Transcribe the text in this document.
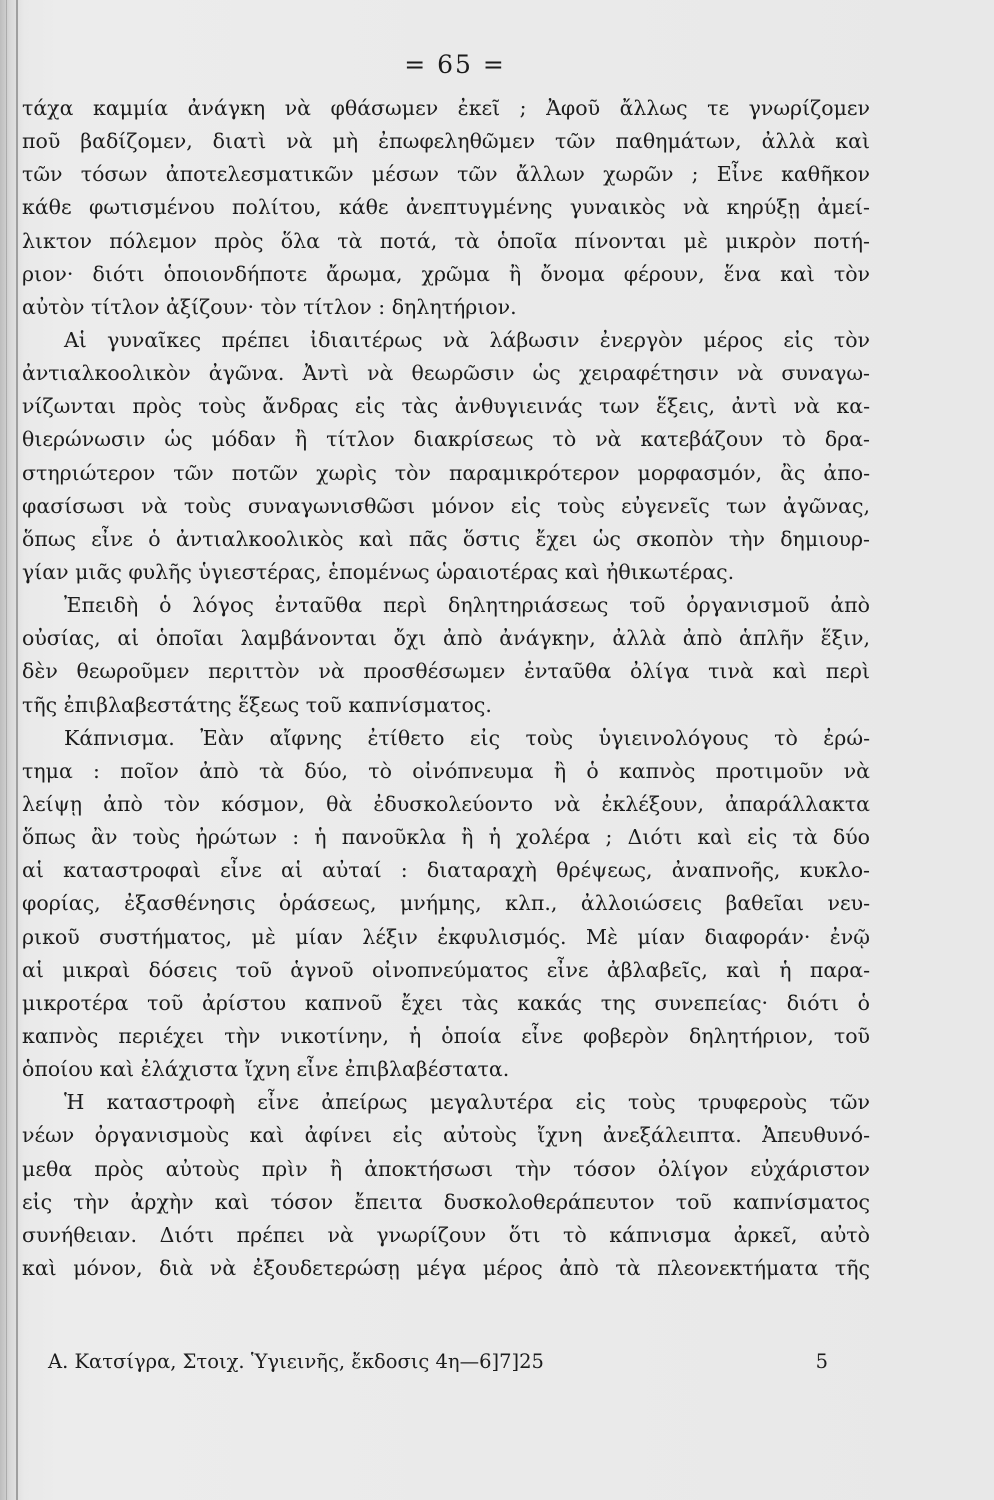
= 65 =
τάχα καμμία ἀνάγκη νὰ φθάσωμεν ἐκεῖ ; Ἀφοῦ ἄλλως τε γνωρίζομεν
ποῦ βαδίζομεν, διατὶ νὰ μὴ ἐπωφεληθῶμεν τῶν παθημάτων, ἀλλὰ καὶ
τῶν τόσων ἀποτελεσματικῶν μέσων τῶν ἄλλων χωρῶν ; Εἶνε καθῆκον
κάθε φωτισμένου πολίτου, κάθε ἀνεπτυγμένης γυναικὸς νὰ κηρύξῃ ἀμεί-
λικτον πόλεμον πρὸς ὅλα τὰ ποτά, τὰ ὁποῖα πίνονται μὲ μικρὸν ποτή-
ριον· διότι ὁποιονδήποτε ἄρωμα, χρῶμα ἢ ὄνομα φέρουν, ἕνα καὶ τὸν
αὐτὸν τίτλον ἀξίζουν· τὸν τίτλον : δηλητήριον.
Αἱ γυναῖκες πρέπει ἰδιαιτέρως νὰ λάβωσιν ἐνεργὸν μέρος εἰς τὸν
ἀντιαλκοολικὸν ἀγῶνα. Ἀντὶ νὰ θεωρῶσιν ὡς χειραφέτησιν νὰ συναγω-
νίζωνται πρὸς τοὺς ἄνδρας εἰς τὰς ἀνθυγιεινάς των ἕξεις, ἀντὶ νὰ κα-
θιερώνωσιν ὡς μόδαν ἢ τίτλον διακρίσεως τὸ νὰ κατεβάζουν τὸ δρα-
στηριώτερον τῶν ποτῶν χωρὶς τὸν παραμικρότερον μορφασμόν, ἂς ἀπο-
φασίσωσι νὰ τοὺς συναγωνισθῶσι μόνον εἰς τοὺς εὐγενεῖς των ἀγῶνας,
ὅπως εἶνε ὁ ἀντιαλκοολικὸς καὶ πᾶς ὅστις ἔχει ὡς σκοπὸν τὴν δημιουρ-
γίαν μιᾶς φυλῆς ὑγιεστέρας, ἑπομένως ὡραιοτέρας καὶ ἠθικωτέρας.
Ἐπειδὴ ὁ λόγος ἐνταῦθα περὶ δηλητηριάσεως τοῦ ὀργανισμοῦ ἀπὸ
οὐσίας, αἱ ὁποῖαι λαμβάνονται ὄχι ἀπὸ ἀνάγκην, ἀλλὰ ἀπὸ ἁπλῆν ἕξιν,
δὲν θεωροῦμεν περιττὸν νὰ προσθέσωμεν ἐνταῦθα ὀλίγα τινὰ καὶ περὶ
τῆς ἐπιβλαβεστάτης ἕξεως τοῦ καπνίσματος.
Κάπνισμα. Ἐὰν αἴφνης ἐτίθετο εἰς τοὺς ὑγιεινολόγους τὸ ἐρώ-
τημα : ποῖον ἀπὸ τὰ δύο, τὸ οἰνόπνευμα ἢ ὁ καπνὸς προτιμοῦν νὰ
λείψῃ ἀπὸ τὸν κόσμον, θὰ ἐδυσκολεύοντο νὰ ἐκλέξουν, ἀπαράλλακτα
ὅπως ἂν τοὺς ἠρώτων : ἡ πανοῦκλα ἢ ἡ χολέρα ; Διότι καὶ εἰς τὰ δύο
αἱ καταστροφαὶ εἶνε αἱ αὐταί : διαταραχὴ θρέψεως, ἀναπνοῆς, κυκλο-
φορίας, ἐξασθένησις ὁράσεως, μνήμης, κλπ., ἀλλοιώσεις βαθεῖαι νευ-
ρικοῦ συστήματος, μὲ μίαν λέξιν ἐκφυλισμός. Μὲ μίαν διαφοράν· ἐνῷ
αἱ μικραὶ δόσεις τοῦ ἁγνοῦ οἰνοπνεύματος εἶνε ἀβλαβεῖς, καὶ ἡ παρα-
μικροτέρα τοῦ ἀρίστου καπνοῦ ἔχει τὰς κακάς της συνεπείας· διότι ὁ
καπνὸς περιέχει τὴν νικοτίνην, ἡ ὁποία εἶνε φοβερὸν δηλητήριον, τοῦ
ὁποίου καὶ ἐλάχιστα ἴχνη εἶνε ἐπιβλαβέστατα.
Ἡ καταστροφὴ εἶνε ἀπείρως μεγαλυτέρα εἰς τοὺς τρυφεροὺς τῶν
νέων ὀργανισμοὺς καὶ ἀφίνει εἰς αὐτοὺς ἴχνη ἀνεξάλειπτα. Ἀπευθυνό-
μεθα πρὸς αὐτοὺς πρὶν ἢ ἀποκτήσωσι τὴν τόσον ὀλίγον εὐχάριστον
εἰς τὴν ἀρχὴν καὶ τόσον ἔπειτα δυσκολοθεράπευτον τοῦ καπνίσματος
συνήθειαν. Διότι πρέπει νὰ γνωρίζουν ὅτι τὸ κάπνισμα ἀρκεῖ, αὐτὸ
καὶ μόνον, διὰ νὰ ἐξουδετερώσῃ μέγα μέρος ἀπὸ τὰ πλεονεκτήματα τῆς
Α. Κατσίγρα, Στοιχ. Ὑγιεινῆς, ἔκδοσις 4η—6]7]25	5
